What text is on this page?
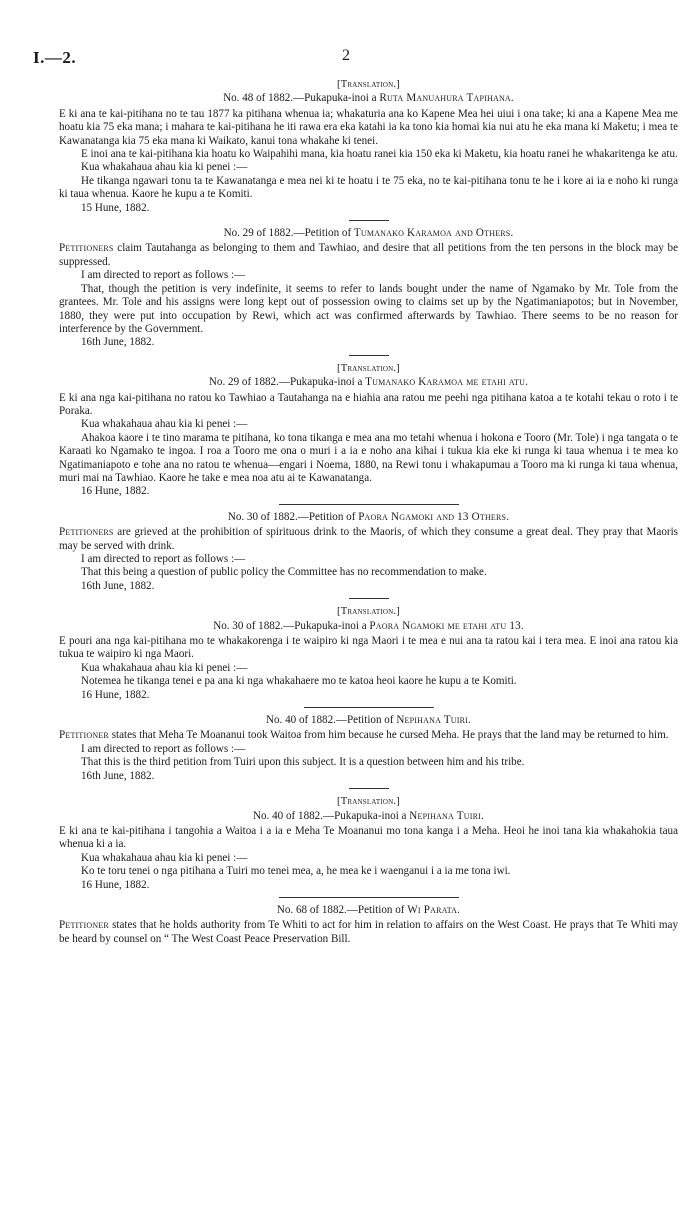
I.—2.	2
[Translation.]
No. 48 of 1882.—Pukapuka-inoi a Ruta Manuahura Tapihana.

E ki ana te kai-pitihana no te tau 1877 ka pitihana whenua ia; whakaturia ana ko Kapene Mea hei uiui i ona take; ki ana a Kapene Mea me hoatu kia 75 eka mana; i mahara te kai-pitihana he iti rawa era eka katahi ia ka tono kia homai kia nui atu he eka mana ki Maketu; i mea te Kawanatanga kia 75 eka mana ki Waikato, kanui tona whakahe ki tenei.

E inoi ana te kai-pitihana kia hoatu ko Waipahihi mana, kia hoatu ranei kia 150 eka ki Maketu, kia hoatu ranei he whakaritenga ke atu.

Kua whakahaua ahau kia ki penei :—

He tikanga ngawari tonu ta te Kawanatanga e mea nei ki te hoatu i te 75 eka, no te kai-pitihana tonu te he i kore ai ia e noho ki runga ki taua whenua. Kaore he kupu a te Komiti.

15 Hune, 1882.

No. 29 of 1882.—Petition of Tumanako Karamoa and Others.

Petitioners claim Tautahanga as belonging to them and Tawhiao, and desire that all petitions from the ten persons in the block may be suppressed.

I am directed to report as follows :—

That, though the petition is very indefinite, it seems to refer to lands bought under the name of Ngamako by Mr. Tole from the grantees. Mr. Tole and his assigns were long kept out of possession owing to claims set up by the Ngatimaniapotos; but in November, 1880, they were put into occupation by Rewi, which act was confirmed afterwards by Tawhiao. There seems to be no reason for interference by the Government.

16th June, 1882.

[Translation.]
No. 29 of 1882.—Pukapuka-inoi a Tumanako Karamoa me etahi atu.

E ki ana nga kai-pitihana no ratou ko Tawhiao a Tautahanga na e hiahia ana ratou me peehi nga pitihana katoa a te kotahi tekau o roto i te Poraka.

Kua whakahaua ahau kia ki penei :—

Ahakoa kaore i te tino marama te pitihana, ko tona tikanga e mea ana mo tetahi whenua i hokona e Tooro (Mr. Tole) i nga tangata o te Karaati ko Ngamako te ingoa. I roa a Tooro me ona o muri i a ia e noho ana kihai i tukua kia eke ki runga ki taua whenua i te mea ko Ngatimaniapoto e tohe ana no ratou te whenua—engari i Noema, 1880, na Rewi tonu i whakapumau a Tooro ma ki runga ki taua whenua, muri mai na Tawhiao. Kaore he take e mea noa atu ai te Kawanatanga.

16 Hune, 1882.

No. 30 of 1882.—Petition of Paora Ngamoki and 13 Others.

Petitioners are grieved at the prohibition of spirituous drink to the Maoris, of which they consume a great deal. They pray that Maoris may be served with drink.

I am directed to report as follows :—

That this being a question of public policy the Committee has no recommendation to make.

16th June, 1882.

[Translation.]
No. 30 of 1882.—Pukapuka-inoi a Paora Ngamoki me etahi atu 13.

E pouri ana nga kai-pitihana mo te whakakorenga i te waipiro ki nga Maori i te mea e nui ana ta ratou kai i tera mea. E inoi ana ratou kia tukua te waipiro ki nga Maori.

Kua whakahaua ahau kia ki penei :—

Notemea he tikanga tenei e pa ana ki nga whakahaere mo te katoa heoi kaore he kupu a te Komiti.

16 Hune, 1882.

No. 40 of 1882.—Petition of Nepihana Tuiri.

Petitioner states that Meha Te Moananui took Waitoa from him because he cursed Meha. He prays that the land may be returned to him.

I am directed to report as follows :—

That this is the third petition from Tuiri upon this subject. It is a question between him and his tribe.

16th June, 1882.

[Translation.]
No. 40 of 1882.—Pukapuka-inoi a Nepihana Tuiri.

E ki ana te kai-pitihana i tangohia a Waitoa i a ia e Meha Te Moananui mo tona kanga i a Meha. Heoi he inoi tana kia whakahokia taua whenua ki a ia.

Kua whakahaua ahau kia ki penei :—

Ko te toru tenei o nga pitihana a Tuiri mo tenei mea, a, he mea ke i waenganui i a ia me tona iwi.

16 Hune, 1882.

No. 68 of 1882.—Petition of Wi Parata.

Petitioner states that he holds authority from Te Whiti to act for him in relation to affairs on the West Coast. He prays that Te Whiti may be heard by counsel on “ The West Coast Peace Preservation Bill.
